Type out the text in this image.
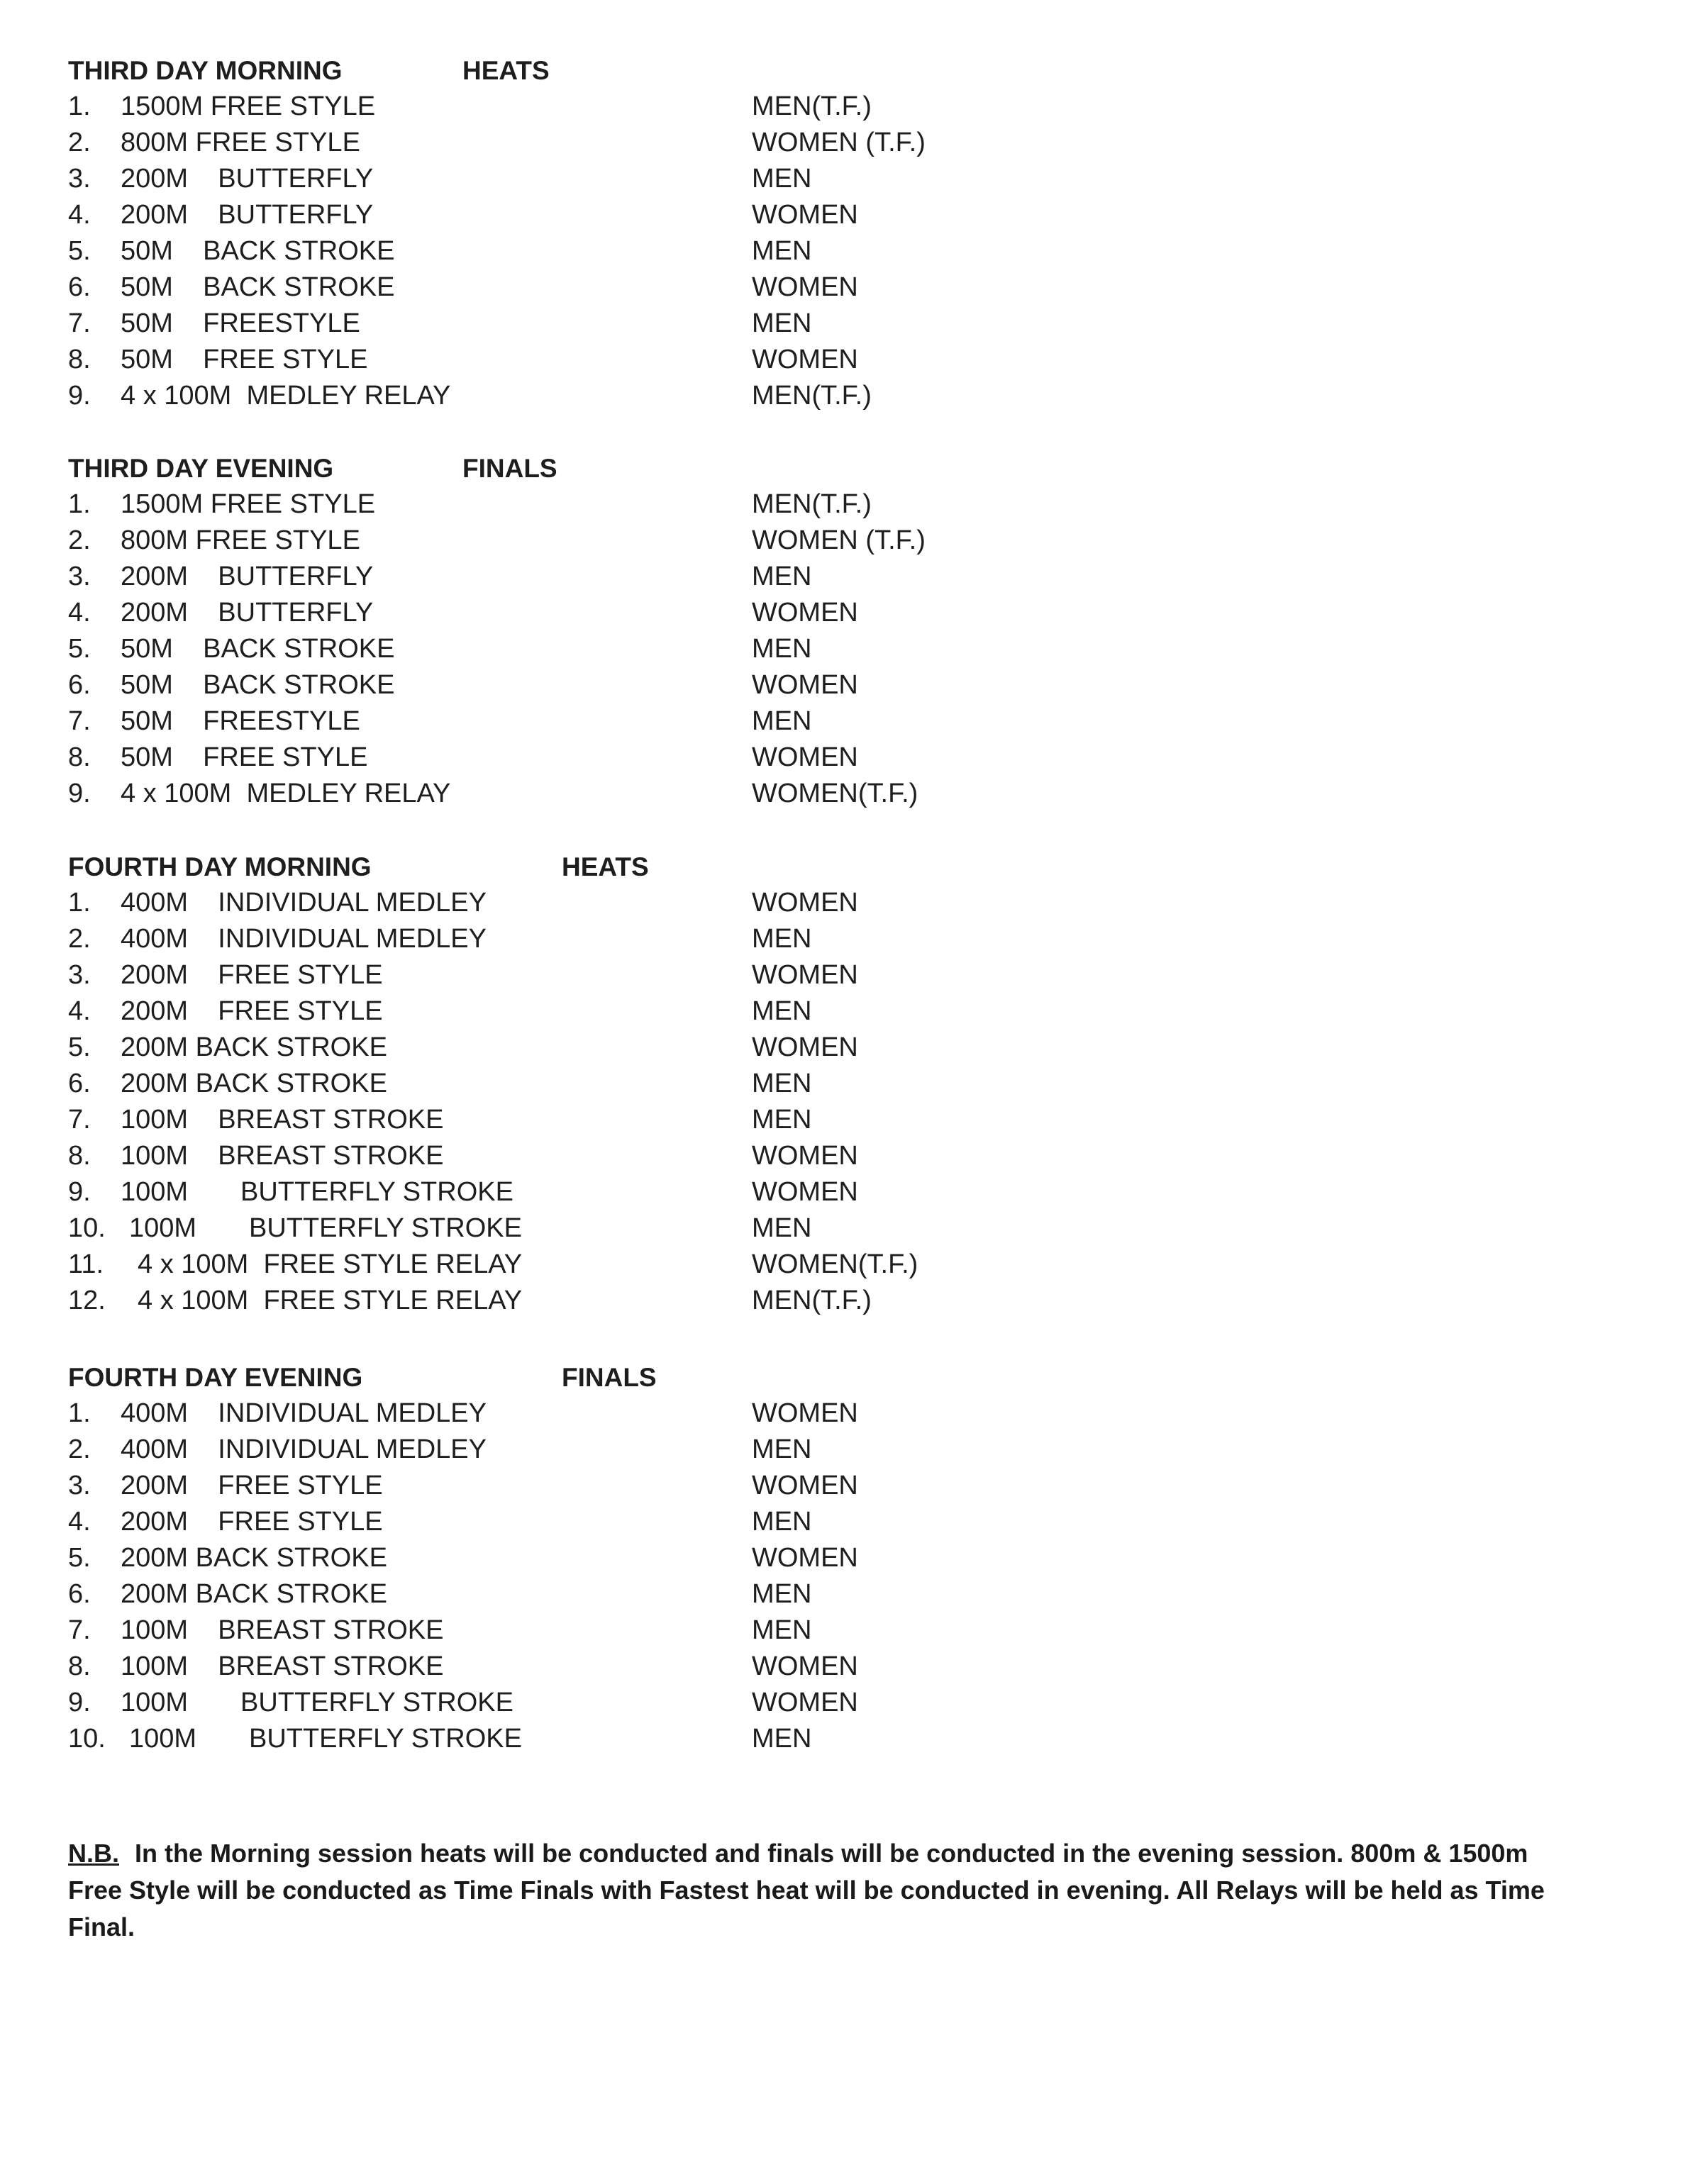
THIRD DAY MORNING	HEATS
1. 1500M FREE STYLE	MEN(T.F.)
2. 800M FREE STYLE	WOMEN (T.F.)
3. 200M BUTTERFLY	MEN
4. 200M BUTTERFLY	WOMEN
5. 50M BACK STROKE	MEN
6. 50M BACK STROKE	WOMEN
7. 50M FREESTYLE	MEN
8. 50M FREE STYLE	WOMEN
9. 4 x 100M MEDLEY RELAY	MEN(T.F.)
THIRD DAY EVENING	FINALS
1. 1500M FREE STYLE	MEN(T.F.)
2. 800M FREE STYLE	WOMEN (T.F.)
3. 200M BUTTERFLY	MEN
4. 200M BUTTERFLY	WOMEN
5. 50M BACK STROKE	MEN
6. 50M BACK STROKE	WOMEN
7. 50M FREESTYLE	MEN
8. 50M FREE STYLE	WOMEN
9. 4 x 100M MEDLEY RELAY	WOMEN(T.F.)
FOURTH DAY MORNING	HEATS
1. 400M INDIVIDUAL MEDLEY	WOMEN
2. 400M INDIVIDUAL MEDLEY	MEN
3. 200M FREE STYLE	WOMEN
4. 200M FREE STYLE	MEN
5. 200M BACK STROKE	WOMEN
6. 200M BACK STROKE	MEN
7. 100M BREAST STROKE	MEN
8. 100M BREAST STROKE	WOMEN
9. 100M BUTTERFLY STROKE	WOMEN
10. 100M BUTTERFLY STROKE	MEN
11. 4 x 100M FREE STYLE RELAY	WOMEN(T.F.)
12. 4 x 100M FREE STYLE RELAY	MEN(T.F.)
FOURTH DAY EVENING	FINALS
1. 400M INDIVIDUAL MEDLEY	WOMEN
2. 400M INDIVIDUAL MEDLEY	MEN
3. 200M FREE STYLE	WOMEN
4. 200M FREE STYLE	MEN
5. 200M BACK STROKE	WOMEN
6. 200M BACK STROKE	MEN
7. 100M BREAST STROKE	MEN
8. 100M BREAST STROKE	WOMEN
9. 100M BUTTERFLY STROKE	WOMEN
10. 100M BUTTERFLY STROKE	MEN
N.B. In the Morning session heats will be conducted and finals will be conducted in the evening session. 800m & 1500m Free Style will be conducted as Time Finals with Fastest heat will be conducted in evening. All Relays will be held as Time Final.
